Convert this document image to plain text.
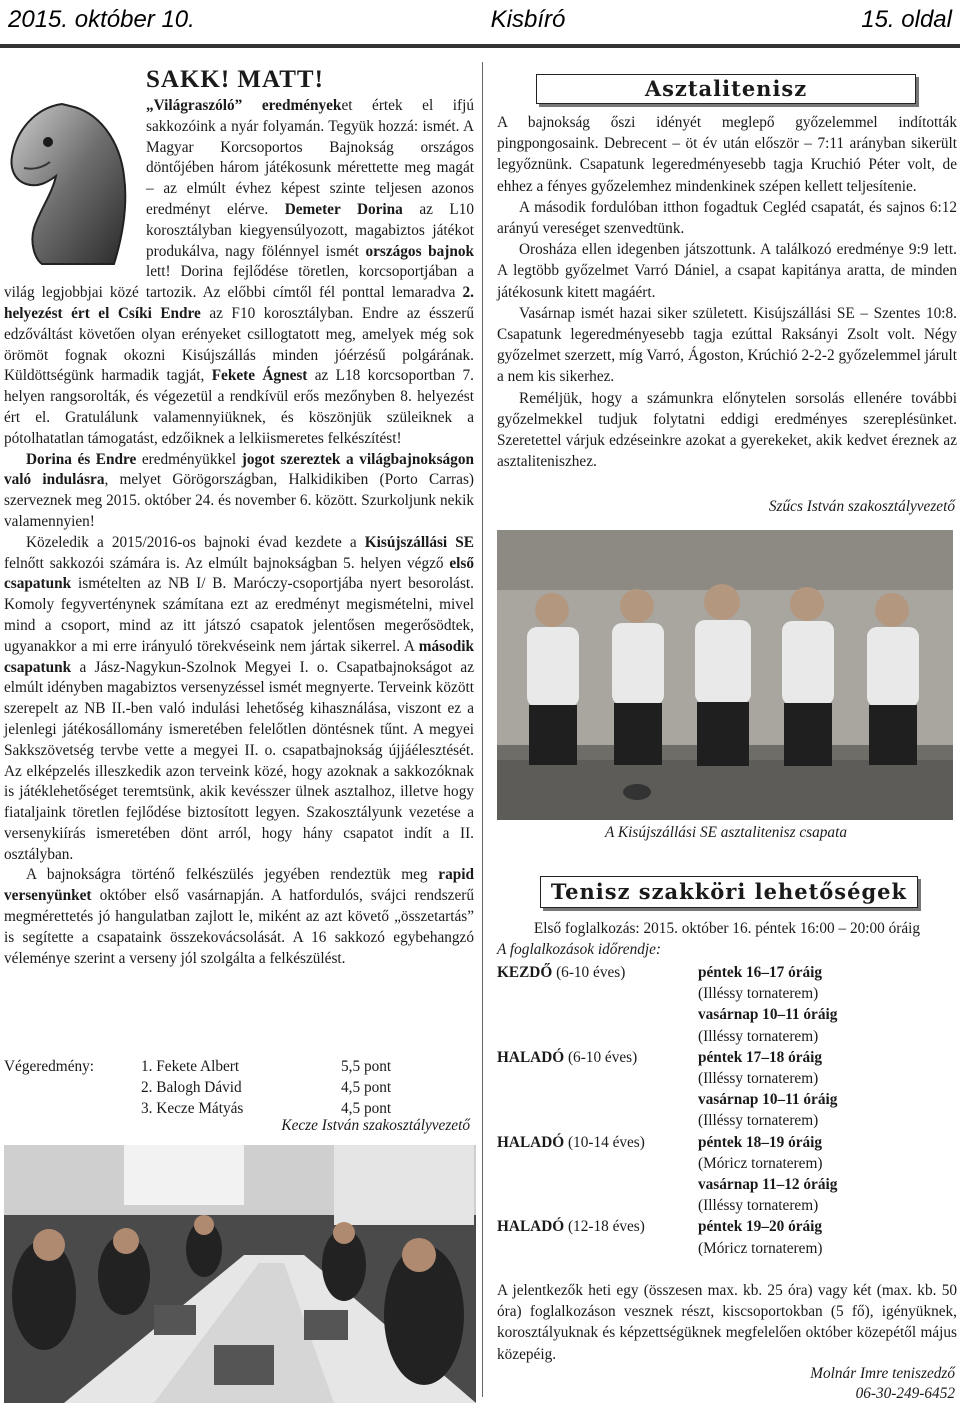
2015. október 10.	Kisbíró	15. oldal
SAKK! MATT!

„Világraszóló” eredményeket értek el ifjú sakkozóink a nyár folyamán. Tegyük hozzá: ismét. A Magyar Korcsoportos Bajnokság országos döntőjében három játékosunk mérettette meg magát – az elmúlt évhez képest szinte teljesen azonos eredményt elérve. Demeter Dorina az L10 korosztályban kiegyensúlyozott, magabiztos játékot produkálva, nagy fölénnyel ismét országos bajnok lett! Dorina fejlődése töretlen, korcsoportjában a világ legjobbjai közé tartozik. Az előbbi címtől fél ponttal lemaradva 2. helyezést ért el Csíki Endre az F10 korosztályban. Endre az ésszerű edzőváltást követően olyan erényeket csillogtatott meg, amelyek még sok örömöt fognak okozni Kisújszállás minden jóérzésű polgárának. Küldöttségünk harmadik tagját, Fekete Ágnest az L18 korcsoportban 7. helyen rangsorolták, és végezetül a rendkívül erős mezőnyben 8. helyezést ért el. Gratulálunk valamennyiüknek, és köszönjük szüleiknek a pótolhatatlan támogatást, edzőiknek a lelkiismeretes felkészítést!

Dorina és Endre eredményükkel jogot szereztek a világbajnokságon való indulásra, melyet Görögországban, Halkidikiben (Porto Carras) szerveznek meg 2015. október 24. és november 6. között. Szurkoljunk nekik valamennyien!

Közeledik a 2015/2016-os bajnoki évad kezdete a Kisújszállási SE felnőtt sakkozói számára is. Az elmúlt bajnokságban 5. helyen végző első csapatunk ismételten az NB I/ B. Maróczy-csoportjába nyert besorolást. Komoly fegyverténynek számítana ezt az eredményt megismételni, mivel mind a csoport, mind az itt játszó csapatok jelentősen megerősödtek, ugyanakkor a mi erre irányuló törekvéseink nem jártak sikerrel. A második csapatunk a Jász-Nagykun-Szolnok Megyei I. o. Csapatbajnokságot az elmúlt idényben magabiztos versenyzéssel ismét megnyerte. Terveink között szerepelt az NB II.-ben való indulási lehetőség kihasználása, viszont ez a jelenlegi játékosállomány ismeretében felelőtlen döntésnek tűnt. A megyei Sakkszövetség tervbe vette a megyei II. o. csapatbajnokság újjáélesztését. Az elképzelés illeszkedik azon terveink közé, hogy azoknak a sakkozóknak is játéklehetőséget teremtsünk, akik kevésszer ülnek asztalhoz, illetve hogy fiataljaink töretlen fejlődése biztosított legyen. Szakosztályunk vezetése a versenykiírás ismeretében dönt arról, hogy hány csapatot indít a II. osztályban.

A bajnokságra történő felkészülés jegyében rendeztük meg rapid versenyünket október első vasárnapján. A hatfordulós, svájci rendszerű megmérettetés jó hangulatban zajlott le, miként az azt követő „összetartás” is segítette a csapataink összekovácsolását. A 16 sakkozó egybehangzó véleménye szerint a verseny jól szolgálta a felkészülést.

Végeredmény:	1. Fekete Albert	5,5 pont
2. Balogh Dávid	4,5 pont
3. Kecze Mátyás	4,5 pont
Kecze István szakosztályvezető
Asztalitenisz

A bajnokság őszi idényét meglepő győzelemmel indították pingpongosaink. Debrecent – öt év után először – 7:11 arányban sikerült legyőznünk. Csapatunk legeredményesebb tagja Kruchió Péter volt, de ehhez a fényes győzelemhez mindenkinek szépen kellett teljesítenie.

A második fordulóban itthon fogadtuk Cegléd csapatát, és sajnos 6:12 arányú vereséget szenvedtünk.

Orosháza ellen idegenben játszottunk. A találkozó eredménye 9:9 lett. A legtöbb győzelmet Varró Dániel, a csapat kapitánya aratta, de minden játékosunk kitett magáért.

Vasárnap ismét hazai siker született. Kisújszállási SE – Szentes 10:8. Csapatunk legeredményesebb tagja ezúttal Raksányi Zsolt volt. Négy győzelmet szerzett, míg Varró, Ágoston, Krúchió 2-2-2 győzelemmel járult a nem kis sikerhez.

Reméljük, hogy a számunkra előnytelen sorsolás ellenére további győzelmekkel tudjuk folytatni eddigi eredményes szereplésünket. Szeretettel várjuk edzéseinkre azokat a gyerekeket, akik kedvet éreznek az asztaliteniszhez.

Szűcs István szakosztályvezető
A Kisújszállási SE asztalitenisz csapata
Tenisz szakköri lehetőségek
Első foglalkozás: 2015. október 16. péntek 16:00 – 20:00 óráig
A foglalkozások időrendje:
KEZDŐ (6-10 éves)	péntek 16–17 óráig
(Illéssy tornaterem)
vasárnap 10–11 óráig
(Illéssy tornaterem)
HALADÓ (6-10 éves)	péntek 17–18 óráig
(Illéssy tornaterem)
vasárnap 10–11 óráig
(Illéssy tornaterem)
HALADÓ (10-14 éves)	péntek 18–19 óráig
(Móricz tornaterem)
vasárnap 11–12 óráig
(Illéssy tornaterem)
HALADÓ (12-18 éves)	péntek 19–20 óráig
(Móricz tornaterem)
A jelentkezők heti egy (összesen max. kb. 25 óra) vagy két (max. kb. 50 óra) foglalkozáson vesznek részt, kiscsoportokban (5 fő), igényüknek, korosztályuknak és képzettségüknek megfelelően október közepétől május közepéig.
Molnár Imre teniszedző
06-30-249-6452
